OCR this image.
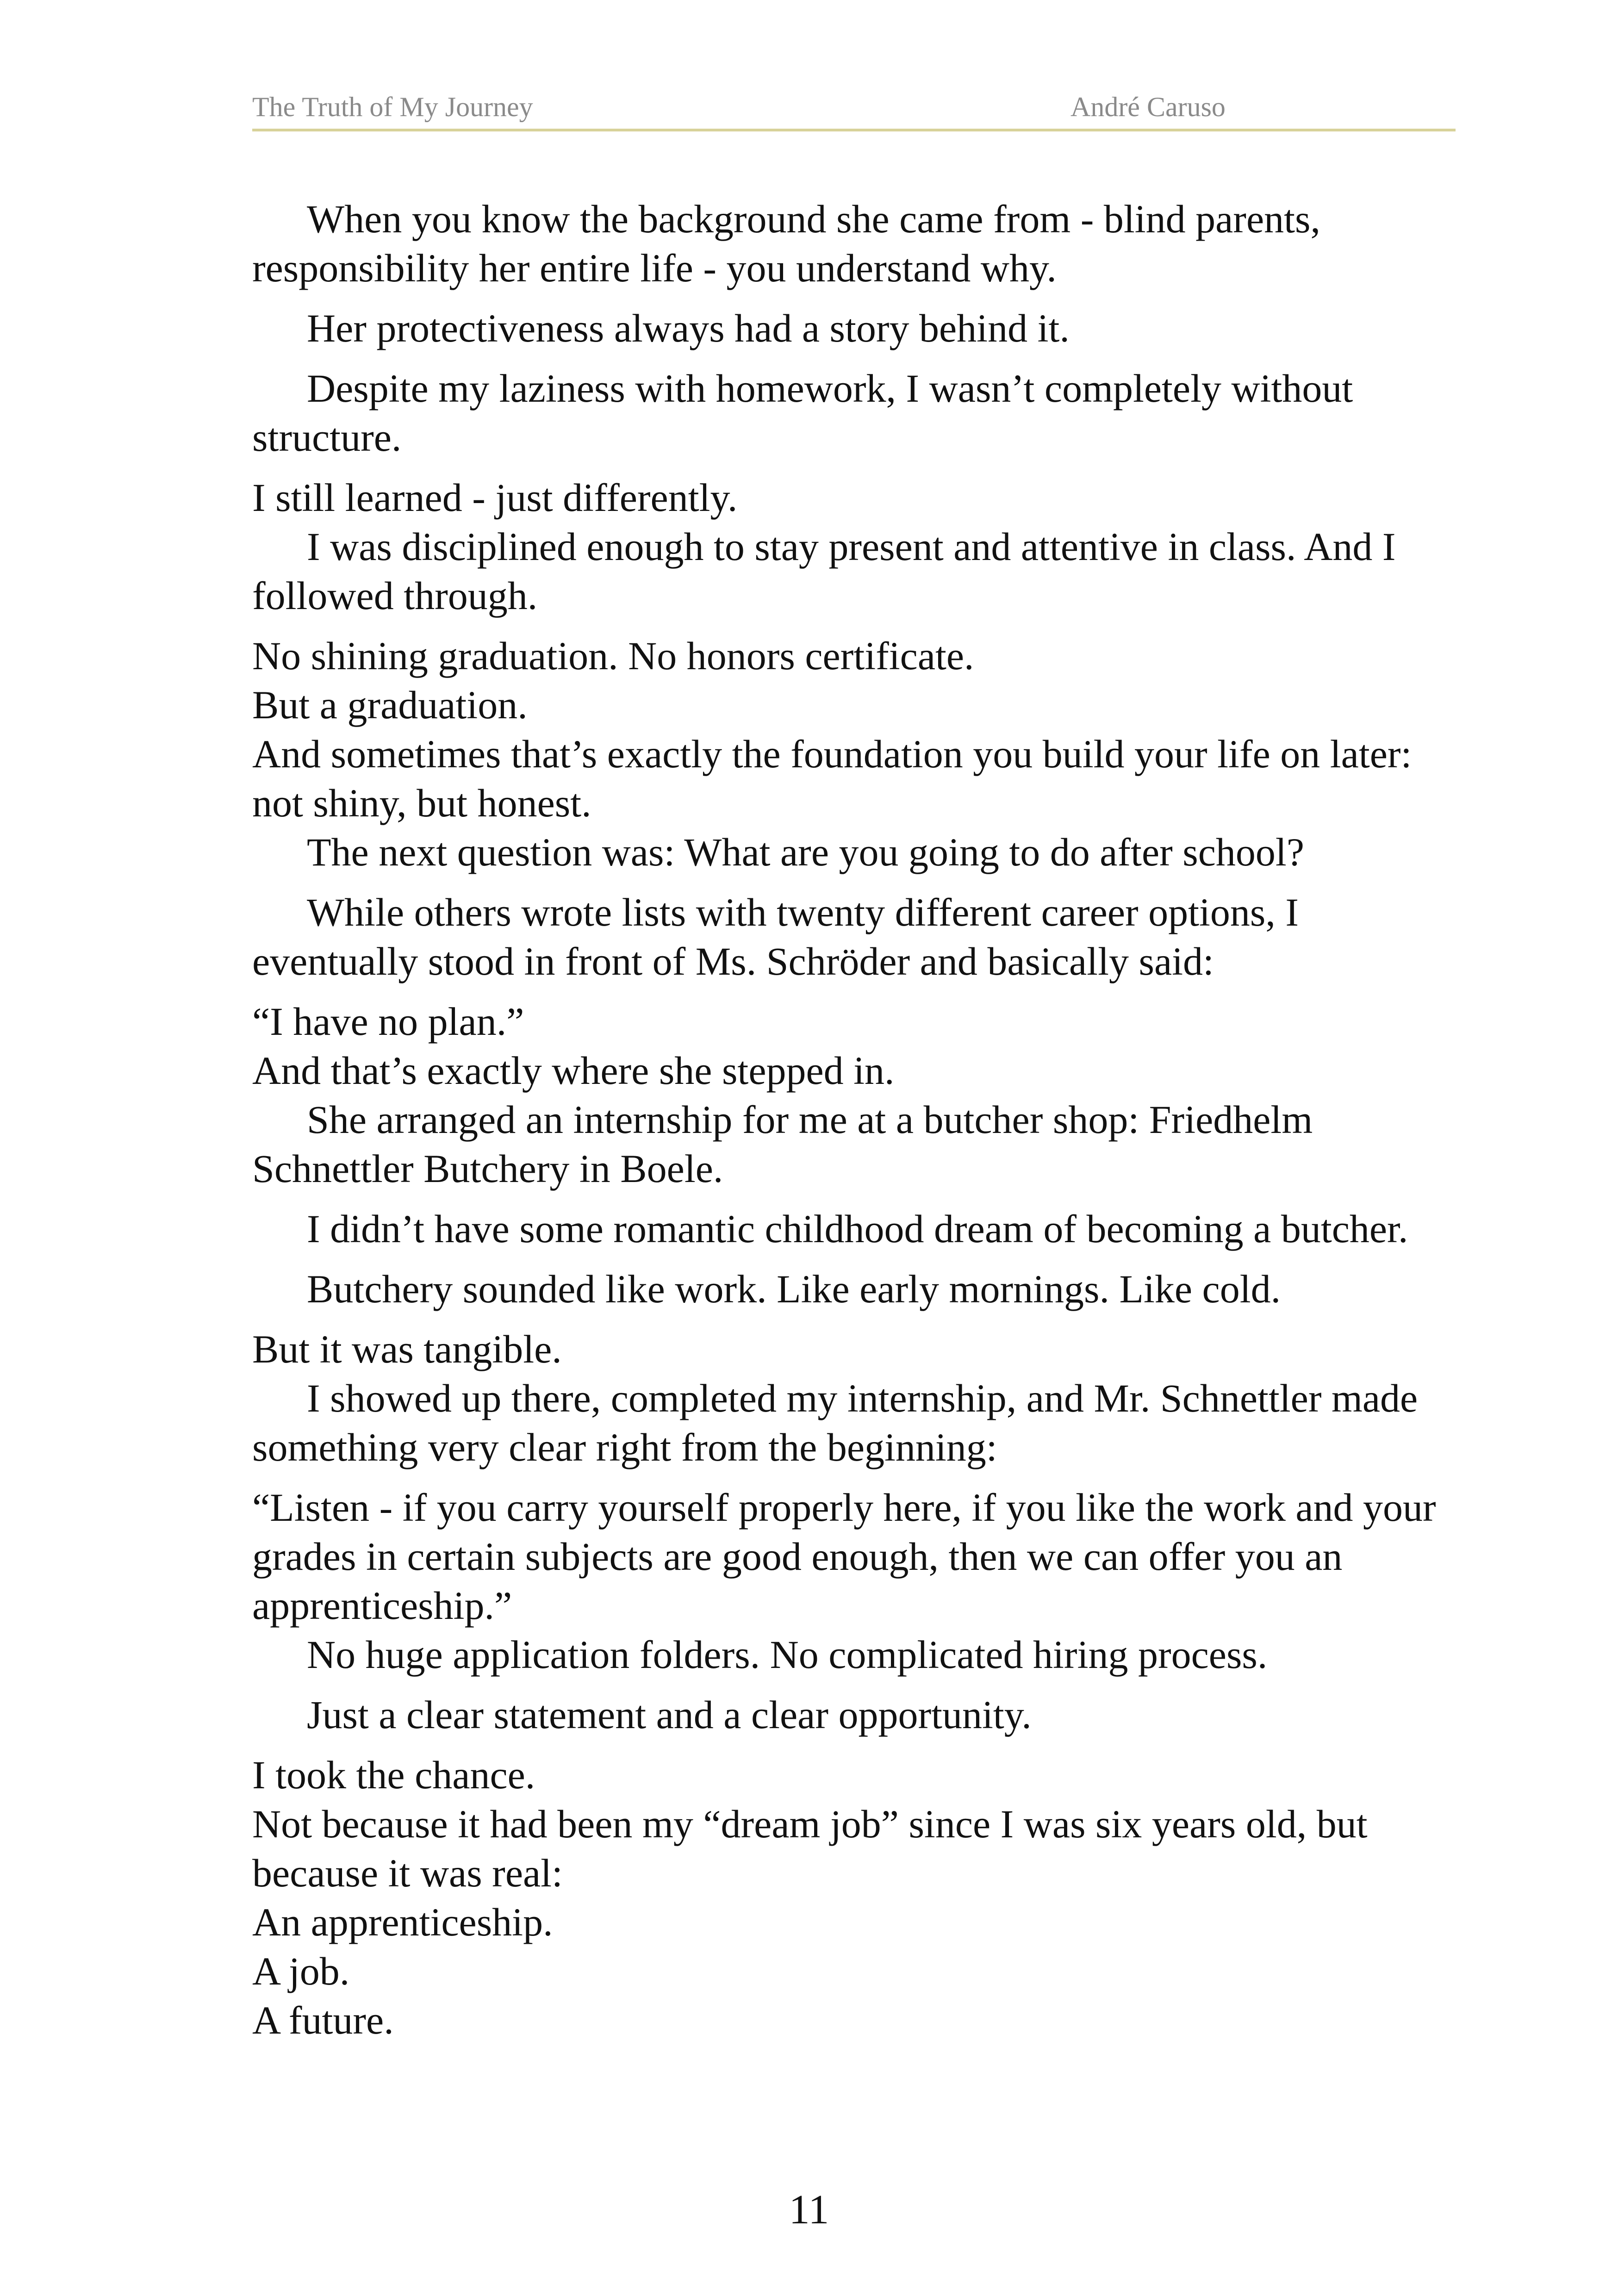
The Truth of My Journey	André Caruso

When you know the background she came from - blind parents, responsibility her entire life - you understand why.

Her protectiveness always had a story behind it.

Despite my laziness with homework, I wasn’t completely without structure.

I still learned - just differently.

I was disciplined enough to stay present and attentive in class. And I followed through.

No shining graduation. No honors certificate.

But a graduation.

And sometimes that’s exactly the foundation you build your life on later: not shiny, but honest.

The next question was: What are you going to do after school?

While others wrote lists with twenty different career options, I eventually stood in front of Ms. Schröder and basically said:

“I have no plan.”

And that’s exactly where she stepped in.

She arranged an internship for me at a butcher shop: Friedhelm Schnettler Butchery in Boele.

I didn’t have some romantic childhood dream of becoming a butcher.

Butchery sounded like work. Like early mornings. Like cold.

But it was tangible.

I showed up there, completed my internship, and Mr. Schnettler made something very clear right from the beginning:

“Listen - if you carry yourself properly here, if you like the work and your grades in certain subjects are good enough, then we can offer you an apprenticeship.”

No huge application folders. No complicated hiring process.

Just a clear statement and a clear opportunity.

I took the chance.

Not because it had been my “dream job” since I was six years old, but because it was real:

An apprenticeship.

A job.

A future.

11
